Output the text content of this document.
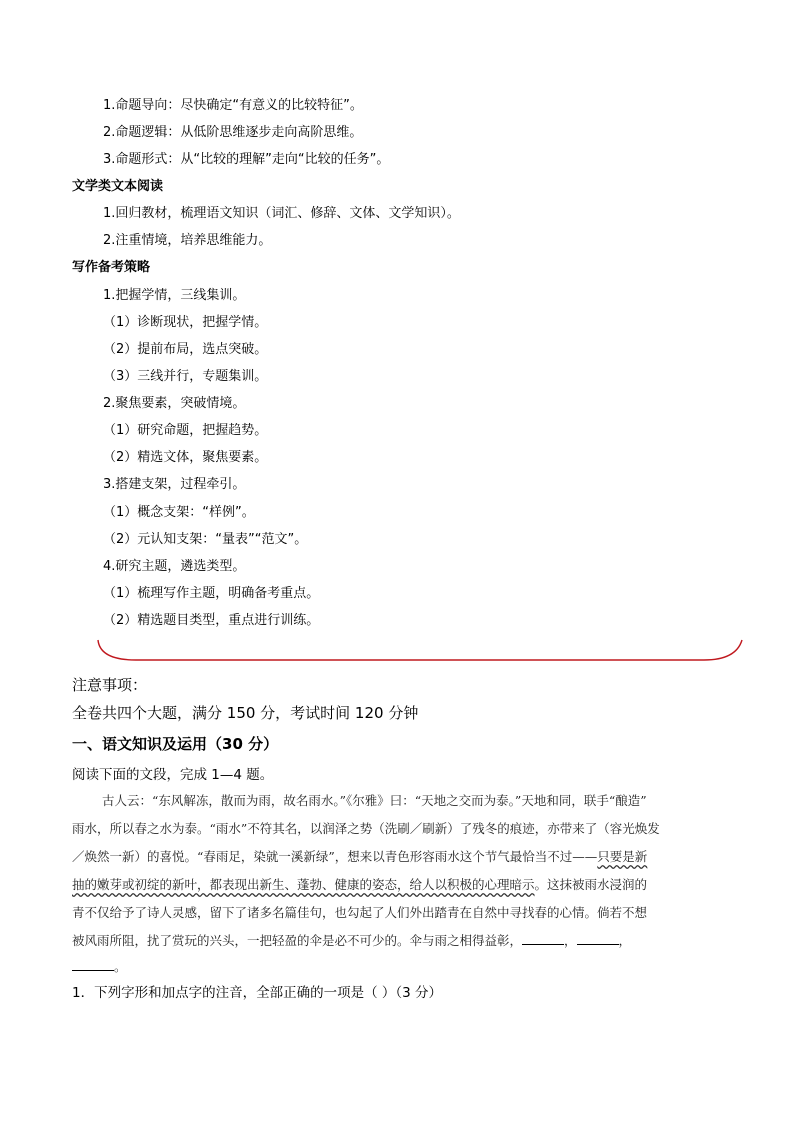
1.命题导向：尽快确定“有意义的比较特征”。
2.命题逻辑：从低阶思维逐步走向高阶思维。
3.命题形式：从“比较的理解”走向“比较的任务”。
文学类文本阅读
1.回归教材，梳理语文知识（词汇、修辞、文体、文学知识）。
2.注重情境，培养思维能力。
写作备考策略
1.把握学情，三线集训。
（1）诊断现状，把握学情。
（2）提前布局，选点突破。
（3）三线并行，专题集训。
2.聚焦要素，突破情境。
（1）研究命题，把握趋势。
（2）精选文体，聚焦要素。
3.搭建支架，过程牵引。
（1）概念支架：“样例”。
（2）元认知支架：“量表”“范文”。
4.研究主题，遴选类型。
（1）梳理写作主题，明确备考重点。
（2）精选题目类型，重点进行训练。
注意事项：
全卷共四个大题，满分 150 分，考试时间 120 分钟
一、语文知识及运用（30 分）
阅读下面的文段，完成 1—4 题。
古人云：“东风解冻，散而为雨，故名雨水。”《尔雅》曰：“天地之交而为泰。”天地和同，联手“酿造”
雨水，所以春之水为泰。“雨水”不符其名，以润泽之势（洗刷／刷新）了残冬的痕迹，亦带来了（容光焕发
／焕然一新）的喜悦。“春雨足，染就一溪新绿”，想来以青色形容雨水这个节气最恰当不过——只要是新
抽的嫩芽或初绽的新叶，都表现出新生、蓬勃、健康的姿态，给人以积极的心理暗示。这抹被雨水浸润的
青不仅给予了诗人灵感，留下了诸多名篇佳句，也勾起了人们外出踏青在自然中寻找春的心情。倘若不想
被风雨所阻，扰了赏玩的兴头，一把轻盈的伞是必不可少的。伞与雨之相得益彰，	，	，
。
1．下列字形和加点字的注音，全部正确的一项是（ ）（3 分）
